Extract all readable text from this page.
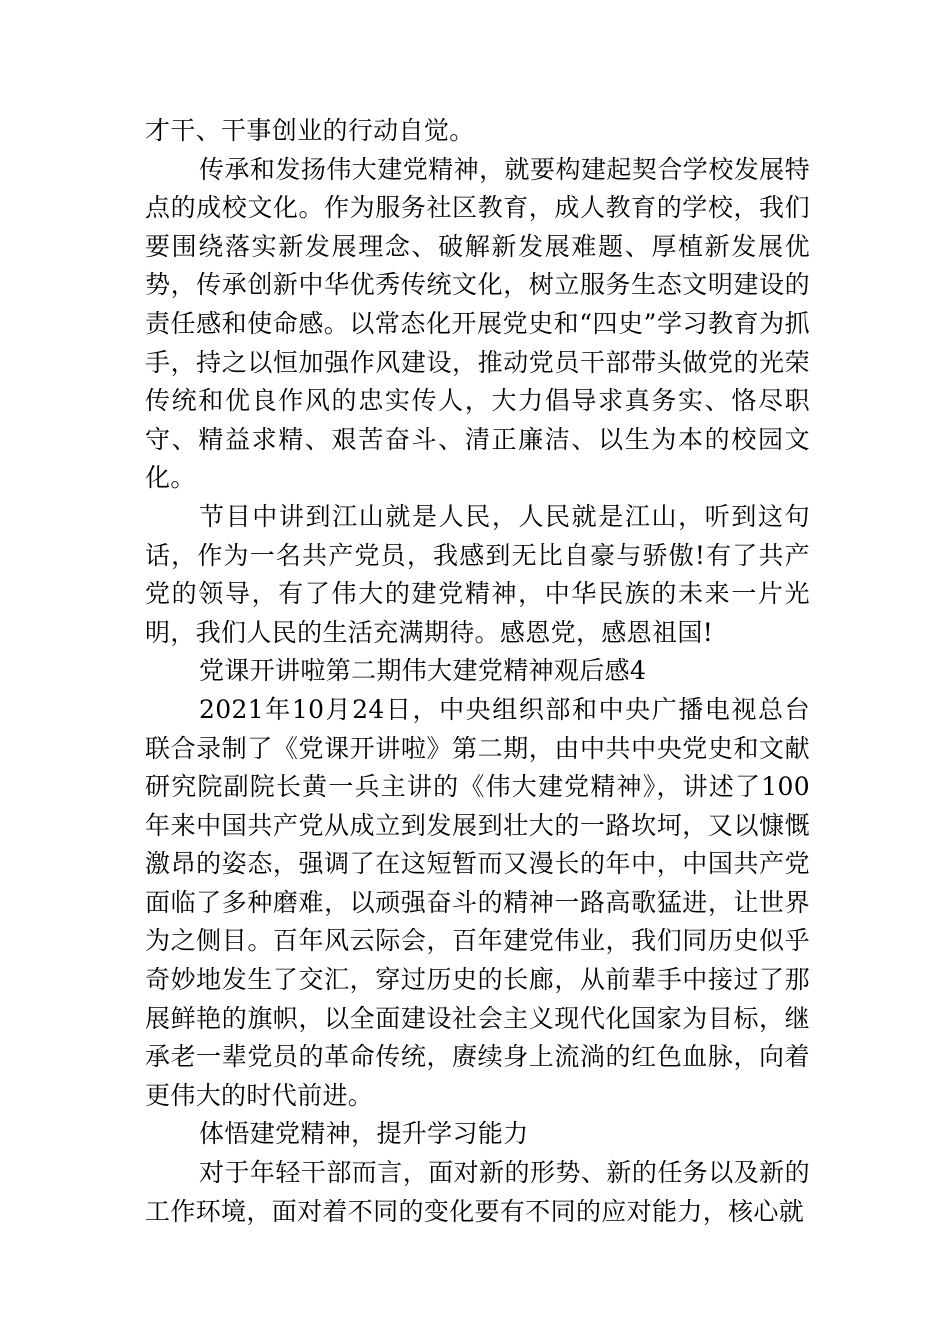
才干、干事创业的行动自觉。

传承和发扬伟大建党精神，就要构建起契合学校发展特点的成校文化。作为服务社区教育，成人教育的学校，我们要围绕落实新发展理念、破解新发展难题、厚植新发展优势，传承创新中华优秀传统文化，树立服务生态文明建设的责任感和使命感。以常态化开展党史和“四史”学习教育为抓手，持之以恒加强作风建设，推动党员干部带头做党的光荣传统和优良作风的忠实传人，大力倡导求真务实、恪尽职守、精益求精、艰苦奋斗、清正廉洁、以生为本的校园文化。

节目中讲到江山就是人民，人民就是江山，听到这句话，作为一名共产党员，我感到无比自豪与骄傲!有了共产党的领导，有了伟大的建党精神，中华民族的未来一片光明，我们人民的生活充满期待。感恩党，感恩祖国!

党课开讲啦第二期伟大建党精神观后感4

2021年10月24日，中央组织部和中央广播电视总台联合录制了《党课开讲啦》第二期，由中共中央党史和文献研究院副院长黄一兵主讲的《伟大建党精神》，讲述了100年来中国共产党从成立到发展到壮大的一路坎坷，又以慷慨激昂的姿态，强调了在这短暂而又漫长的年中，中国共产党面临了多种磨难，以顽强奋斗的精神一路高歌猛进，让世界为之侧目。百年风云际会，百年建党伟业，我们同历史似乎奇妙地发生了交汇，穿过历史的长廊，从前辈手中接过了那展鲜艳的旗帜，以全面建设社会主义现代化国家为目标，继承老一辈党员的革命传统，赓续身上流淌的红色血脉，向着更伟大的时代前进。

体悟建党精神，提升学习能力

对于年轻干部而言，面对新的形势、新的任务以及新的工作环境，面对着不同的变化要有不同的应对能力，核心就
